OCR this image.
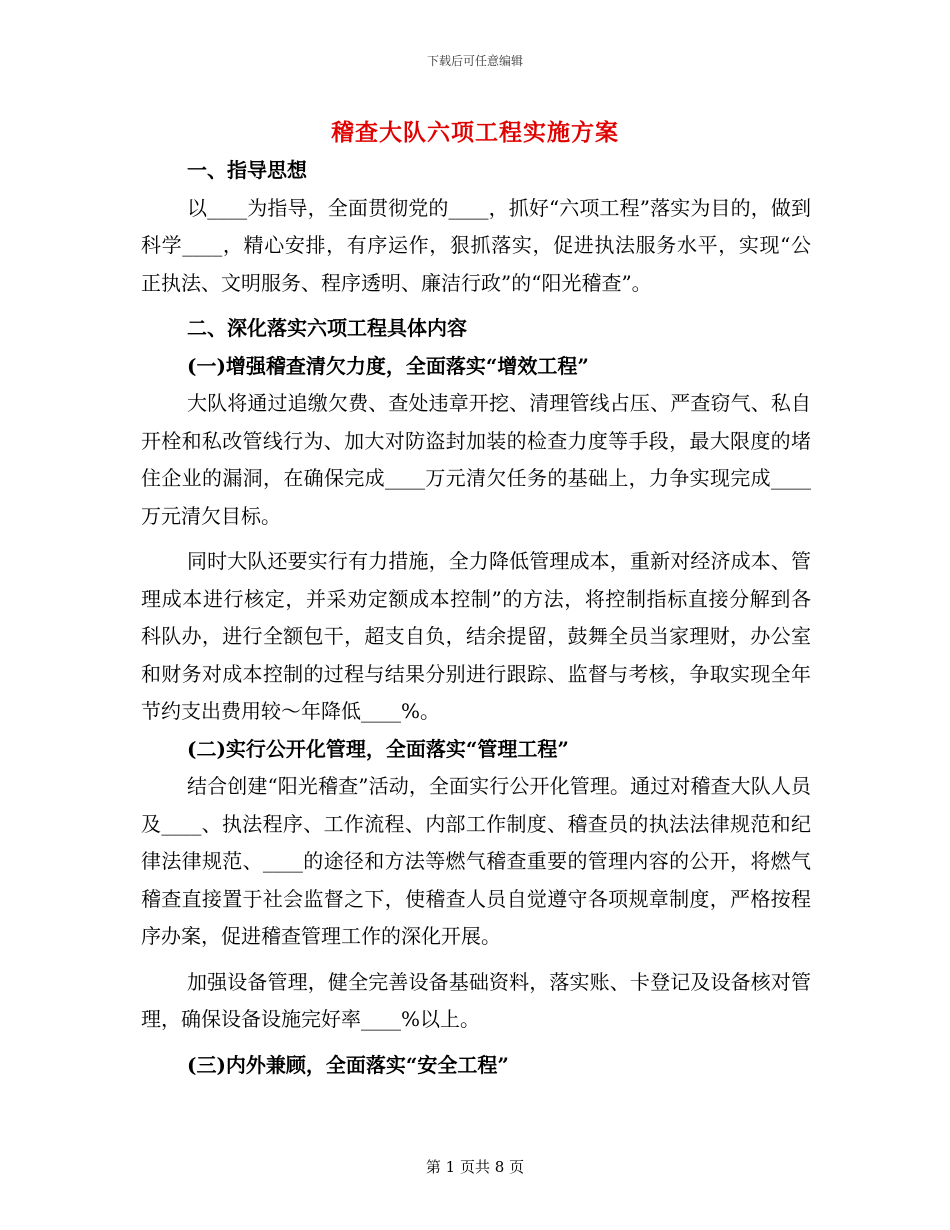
下载后可任意编辑
稽查大队六项工程实施方案

一、指导思想

以____为指导，全面贯彻党的____，抓好“六项工程”落实为目的，做到科学____，精心安排，有序运作，狠抓落实，促进执法服务水平，实现“公正执法、文明服务、程序透明、廉洁行政”的“阳光稽查”。

二、深化落实六项工程具体内容

(一)增强稽查清欠力度，全面落实“增效工程”

大队将通过追缴欠费、查处违章开挖、清理管线占压、严查窃气、私自开栓和私改管线行为、加大对防盗封加装的检查力度等手段，最大限度的堵住企业的漏洞，在确保完成____万元清欠任务的基础上，力争实现完成____万元清欠目标。

同时大队还要实行有力措施，全力降低管理成本，重新对经济成本、管理成本进行核定，并采劝定额成本控制”的方法，将控制指标直接分解到各科队办，进行全额包干，超支自负，结余提留，鼓舞全员当家理财，办公室和财务对成本控制的过程与结果分别进行跟踪、监督与考核，争取实现全年节约支出费用较～年降低____%。

(二)实行公开化管理，全面落实“管理工程”

结合创建“阳光稽查”活动，全面实行公开化管理。通过对稽查大队人员及____、执法程序、工作流程、内部工作制度、稽查员的执法法律规范和纪律法律规范、____的途径和方法等燃气稽查重要的管理内容的公开，将燃气稽查直接置于社会监督之下，使稽查人员自觉遵守各项规章制度，严格按程序办案，促进稽查管理工作的深化开展。

加强设备管理，健全完善设备基础资料，落实账、卡登记及设备核对管理，确保设备设施完好率____%以上。

(三)内外兼顾，全面落实“安全工程”

第 1 页共 8 页
